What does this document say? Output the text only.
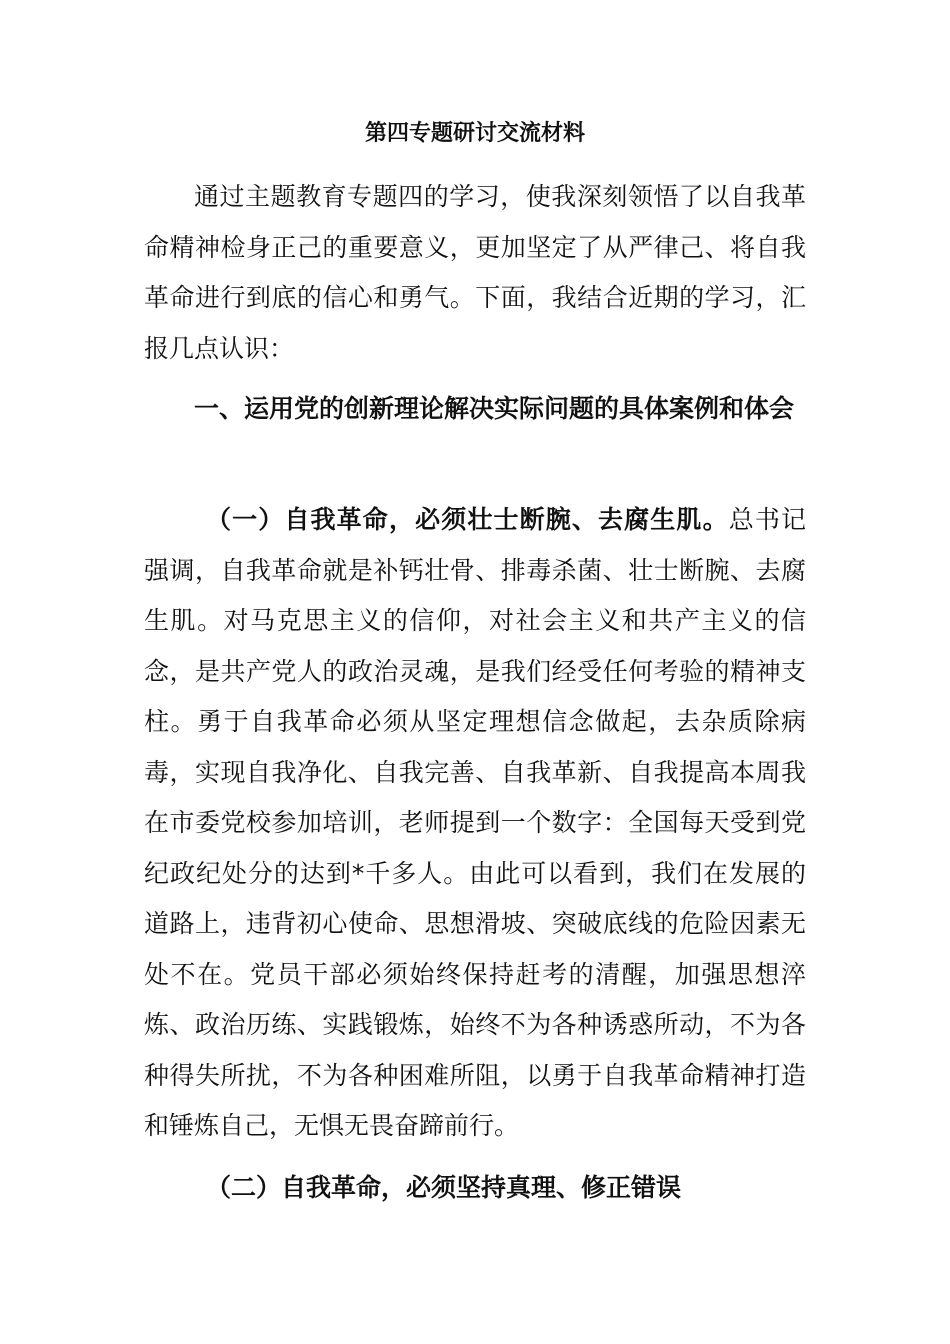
第四专题研讨交流材料

通过主题教育专题四的学习，使我深刻领悟了以自我革命精神检身正己的重要意义，更加坚定了从严律己、将自我革命进行到底的信心和勇气。下面，我结合近期的学习，汇报几点认识：

一、运用党的创新理论解决实际问题的具体案例和体会

（一）自我革命，必须壮士断腕、去腐生肌。总书记强调，自我革命就是补钙壮骨、排毒杀菌、壮士断腕、去腐生肌。对马克思主义的信仰，对社会主义和共产主义的信念，是共产党人的政治灵魂，是我们经受任何考验的精神支柱。勇于自我革命必须从坚定理想信念做起，去杂质除病毒，实现自我净化、自我完善、自我革新、自我提高本周我在市委党校参加培训，老师提到一个数字：全国每天受到党纪政纪处分的达到*千多人。由此可以看到，我们在发展的道路上，违背初心使命、思想滑坡、突破底线的危险因素无处不在。党员干部必须始终保持赶考的清醒，加强思想淬炼、政治历练、实践锻炼，始终不为各种诱惑所动，不为各种得失所扰，不为各种困难所阻，以勇于自我革命精神打造和锤炼自己，无惧无畏奋蹄前行。

（二）自我革命，必须坚持真理、修正错误
